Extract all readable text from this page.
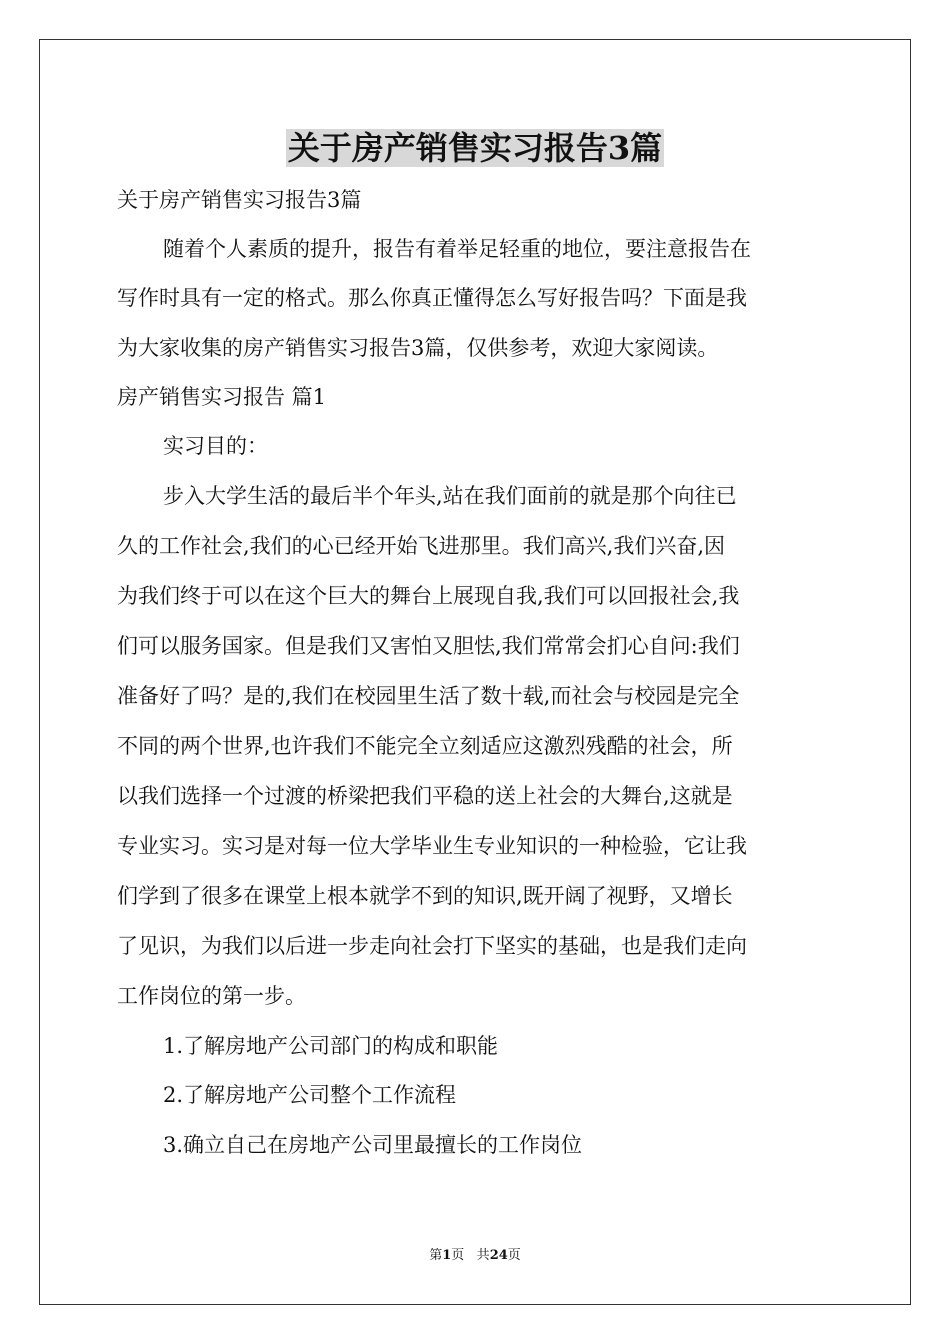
关于房产销售实习报告3篇
关于房产销售实习报告3篇
随着个人素质的提升，报告有着举足轻重的地位，要注意报告在
写作时具有一定的格式。那么你真正懂得怎么写好报告吗？下面是我
为大家收集的房产销售实习报告3篇，仅供参考，欢迎大家阅读。
房产销售实习报告 篇1
实习目的：
步入大学生活的最后半个年头,站在我们面前的就是那个向往已
久的工作社会,我们的心已经开始飞进那里。我们高兴,我们兴奋,因
为我们终于可以在这个巨大的舞台上展现自我,我们可以回报社会,我
们可以服务国家。但是我们又害怕又胆怯,我们常常会扪心自问:我们
准备好了吗？是的,我们在校园里生活了数十载,而社会与校园是完全
不同的两个世界,也许我们不能完全立刻适应这激烈残酷的社会，所
以我们选择一个过渡的桥梁把我们平稳的送上社会的大舞台,这就是
专业实习。实习是对每一位大学毕业生专业知识的一种检验，它让我
们学到了很多在课堂上根本就学不到的知识,既开阔了视野，又增长
了见识，为我们以后进一步走向社会打下坚实的基础，也是我们走向
工作岗位的第一步。
1.了解房地产公司部门的构成和职能
2.了解房地产公司整个工作流程
3.确立自己在房地产公司里最擅长的工作岗位
第1页 共24页
